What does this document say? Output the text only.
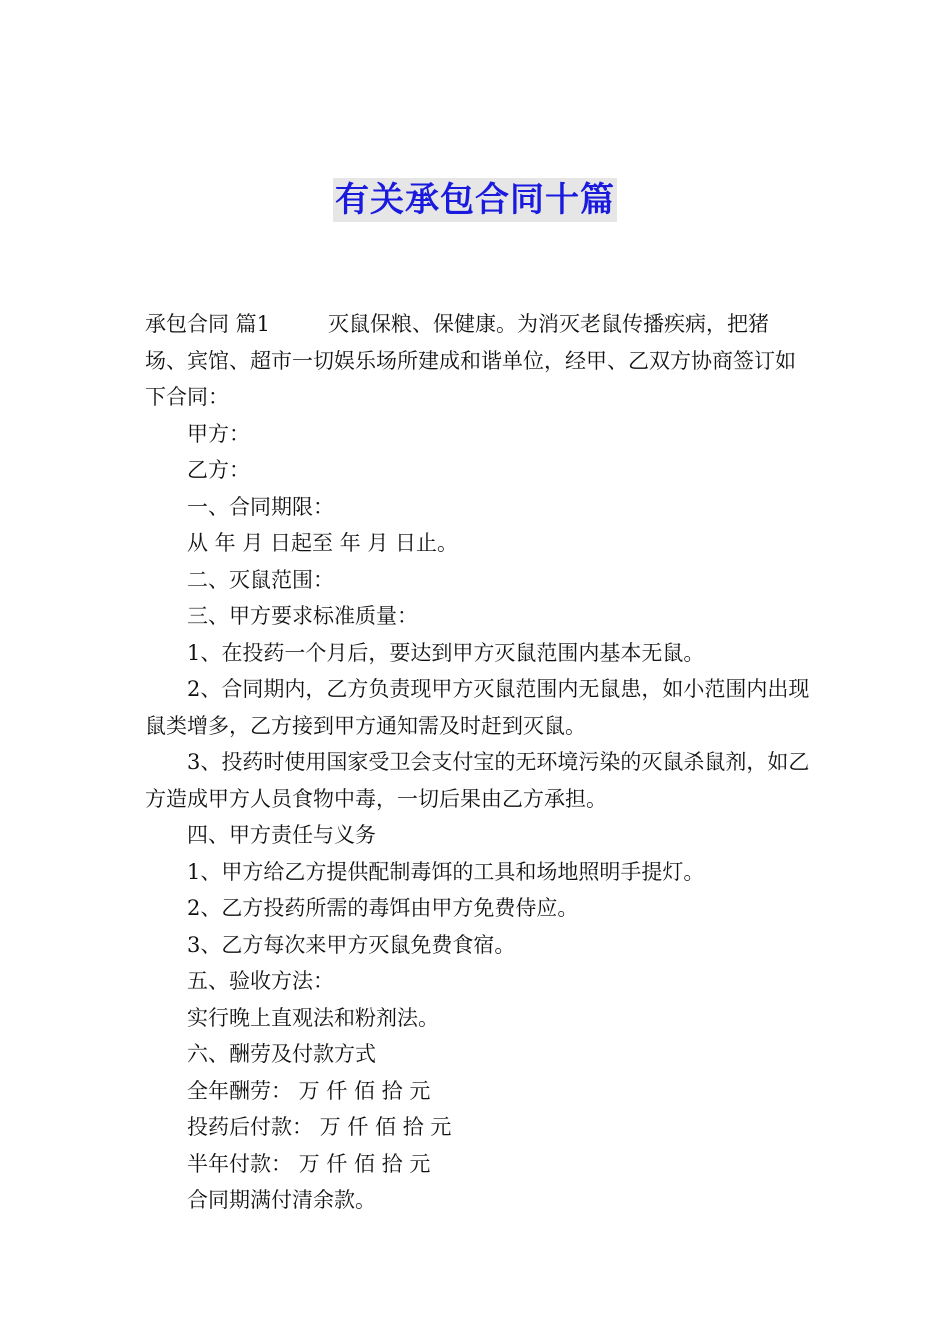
有关承包合同十篇

承包合同 篇1	灭鼠保粮、保健康。为消灭老鼠传播疾病，把猪场、宾馆、超市一切娱乐场所建成和谐单位，经甲、乙双方协商签订如下合同：

甲方：

乙方：

一、合同期限：

从 年 月 日起至 年 月 日止。

二、灭鼠范围：

三、甲方要求标准质量：

1、在投药一个月后，要达到甲方灭鼠范围内基本无鼠。

2、合同期内，乙方负责现甲方灭鼠范围内无鼠患，如小范围内出现鼠类增多，乙方接到甲方通知需及时赶到灭鼠。

3、投药时使用国家受卫会支付宝的无环境污染的灭鼠杀鼠剂，如乙方造成甲方人员食物中毒，一切后果由乙方承担。

四、甲方责任与义务

1、甲方给乙方提供配制毒饵的工具和场地照明手提灯。

2、乙方投药所需的毒饵由甲方免费侍应。

3、乙方每次来甲方灭鼠免费食宿。

五、验收方法：

实行晚上直观法和粉剂法。

六、酬劳及付款方式

全年酬劳： 万 仟 佰 拾 元

投药后付款： 万 仟 佰 拾 元

半年付款： 万 仟 佰 拾 元

合同期满付清余款。
